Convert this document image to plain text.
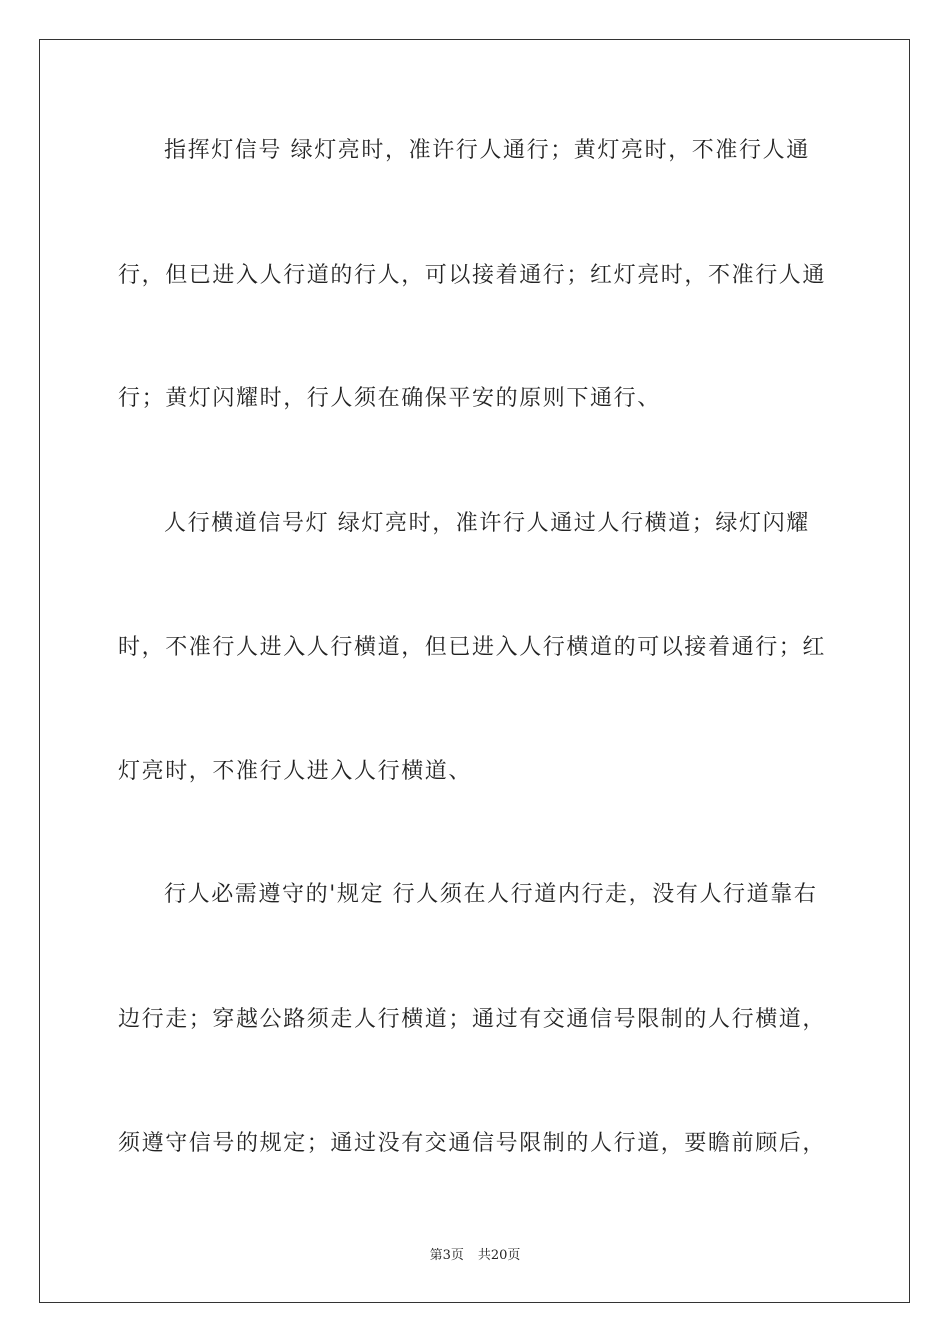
指挥灯信号 绿灯亮时，准许行人通行；黄灯亮时，不准行人通
行，但已进入人行道的行人，可以接着通行；红灯亮时，不准行人通
行；黄灯闪耀时，行人须在确保平安的原则下通行、
人行横道信号灯 绿灯亮时，准许行人通过人行横道；绿灯闪耀
时，不准行人进入人行横道，但已进入人行横道的可以接着通行；红
灯亮时，不准行人进入人行横道、
行人必需遵守的'规定 行人须在人行道内行走，没有人行道靠右
边行走；穿越公路须走人行横道；通过有交通信号限制的人行横道，
须遵守信号的规定；通过没有交通信号限制的人行道，要瞻前顾后，
第3页 共20页
